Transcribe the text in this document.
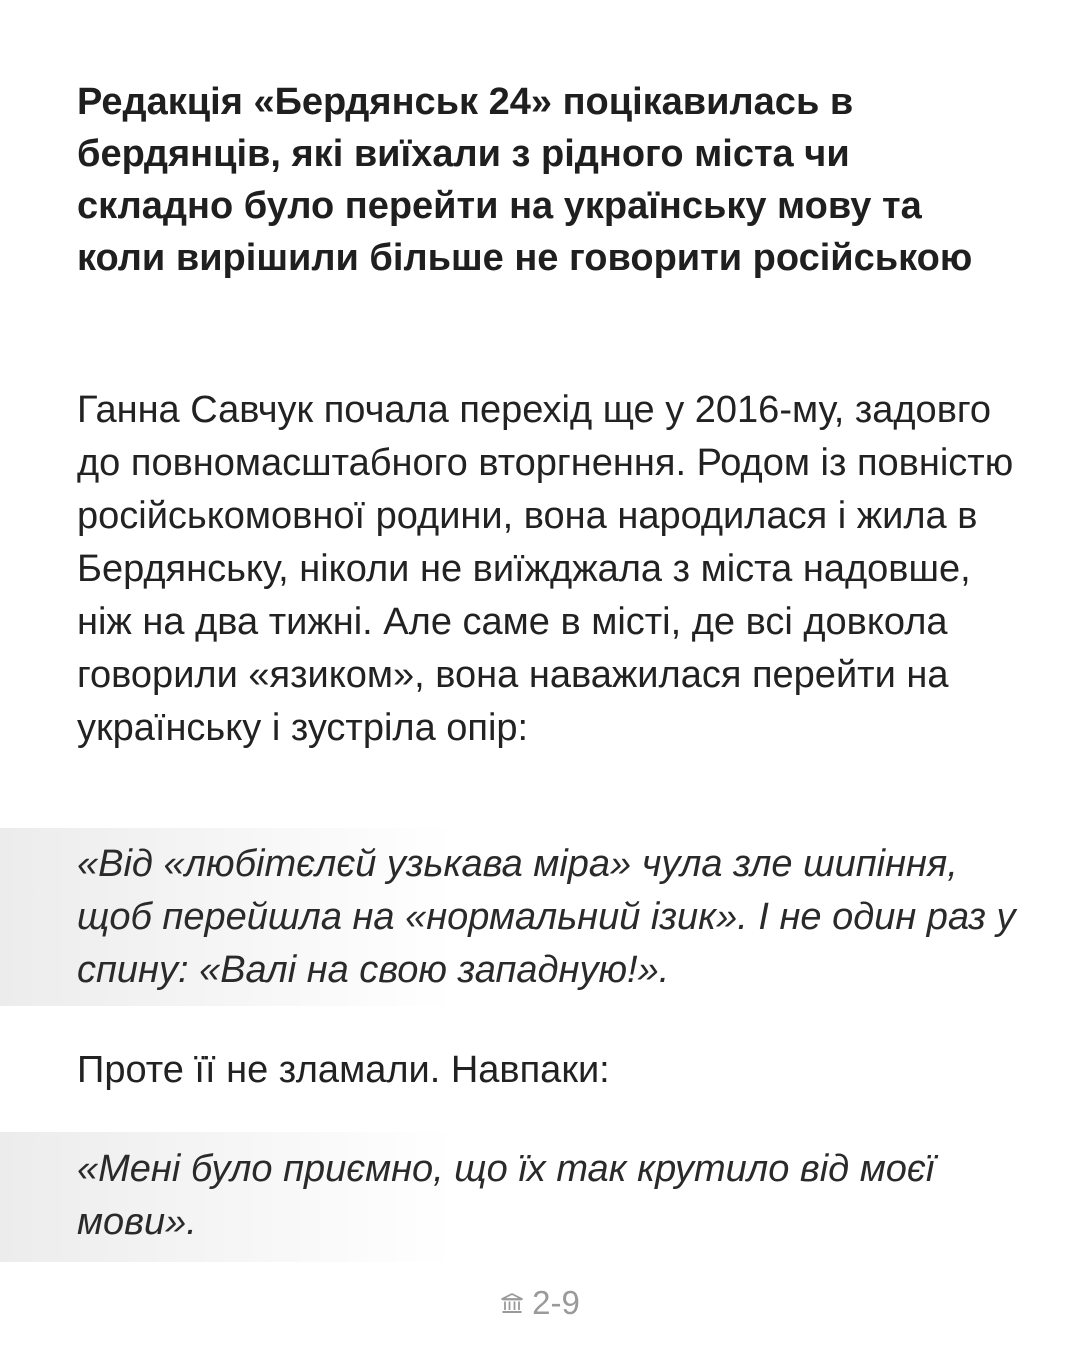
Редакція «Бердянськ 24» поцікавилась в бердянців, які виїхали з рідного міста чи складно було перейти на українську мову та коли вирішили більше не говорити російською

Ганна Савчук почала перехід ще у 2016-му, задовго до повномасштабного вторгнення. Родом із повністю російськомовної родини, вона народилася і жила в Бердянську, ніколи не виїжджала з міста надовше, ніж на два тижні. Але саме в місті, де всі довкола говорили «язиком», вона наважилася перейти на українську і зустріла опір:

«Від «любітєлєй узькава міра» чула зле шипіння, щоб перейшла на «нормальний ізик». І не один раз у спину: «Валі на свою западную!».

Проте її не зламали. Навпаки:

«Мені було приємно, що їх так крутило від моєї мови».

2-9
